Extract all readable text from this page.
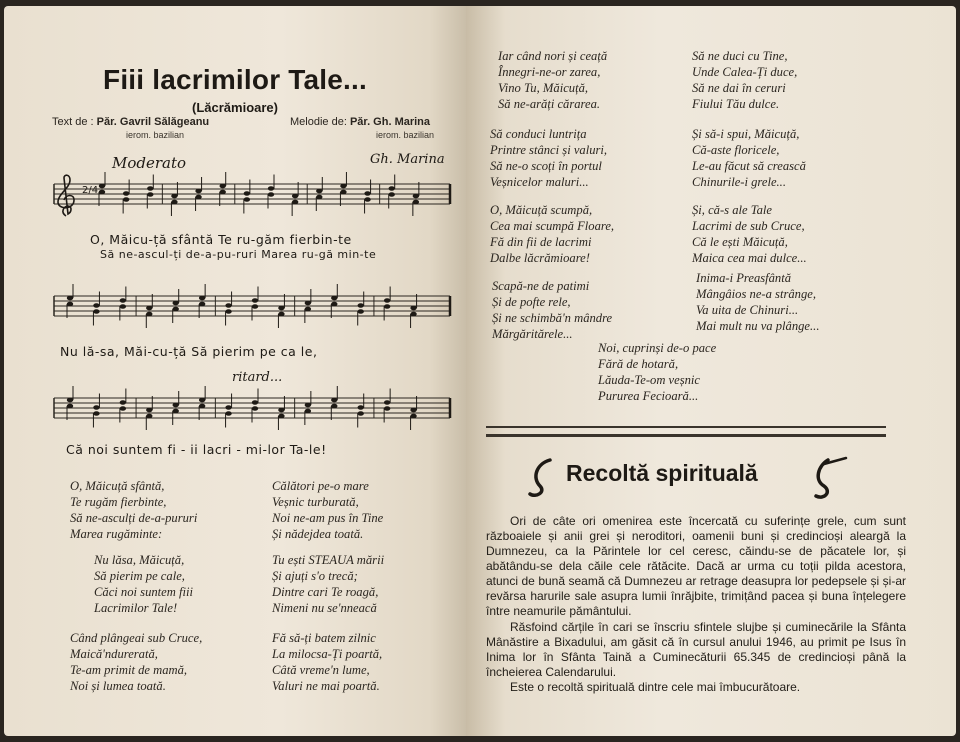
Fiii lacrimilor Tale...
(Lăcrămioare)
Text de : Păr. Gavril Sălăgeanu
ierom. bazilian
Melodie de: Păr. Gh. Marina
ierom. bazilian
Moderato	Gh. Marina
2/4
O, Măicu-ță sfântă Te ru-găm fierbin-te
Să ne-ascul-ți de-a-pu-ruri Marea ru-gă min-te
Nu lă-sa, Măi-cu-ță Să pierim pe ca le,
ritard...
Că noi suntem fi - ii lacri - mi-lor Ta-le!
O, Măicuță sfântă,
Te rugăm fierbinte,
Să ne-asculți de-a-pururi
Marea rugăminte:
Nu lăsa, Măicuță,
Să pierim pe cale,
Căci noi suntem fiii
Lacrimilor Tale!
Când plângeai sub Cruce,
Maică'ndurerată,
Te-am primit de mamă,
Noi și lumea toată.
Călători pe-o mare
Veșnic turburată,
Noi ne-am pus în Tine
Și nădejdea toată.
Tu ești STEAUA mării
Și ajuți s'o trecă;
Dintre cari Te roagă,
Nimeni nu se'nneacă
Fă să-ți batem zilnic
La milocsa-Ți poartă,
Câtă vreme'n lume,
Valuri ne mai poartă.
Iar când nori și ceață
Înnegri-ne-or zarea,
Vino Tu, Măicuță,
Să ne-arăți cărarea.
Să conduci luntrița
Printre stânci și valuri,
Să ne-o scoți în portul
Veșnicelor maluri...
O, Măicuță scumpă,
Cea mai scumpă Floare,
Fă din fii de lacrimi
Dalbe lăcrămioare!
Scapă-ne de patimi
Și de pofte rele,
Și ne schimbă'n mândre
Mărgăritărele...
Să ne duci cu Tine,
Unde Calea-Ți duce,
Să ne dai în ceruri
Fiului Tău dulce.
Și să-i spui, Măicuță,
Că-aste floricele,
Le-au făcut să crească
Chinurile-i grele...
Și, că-s ale Tale
Lacrimi de sub Cruce,
Că le ești Măicuță,
Maica cea mai dulce...
Inima-i Preasfântă
Mângâios ne-a strânge,
Va uita de Chinuri...
Mai mult nu va plânge...
Noi, cuprinși de-o pace
Fără de hotară,
Lăuda-Te-om veșnic
Pururea Fecioară...
Recoltă spirituală
Ori de câte ori omenirea este încercată cu suferințe grele, cum sunt războaiele și anii grei și neroditori, oamenii buni și credincioși aleargă la Dumnezeu, ca la Părintele lor cel ceresc, căindu-se de păcatele lor, și abătându-se dela căile cele rătăcite. Dacă ar urma cu toții pilda acestora, atunci de bună seamă că Dumnezeu ar retrage deasupra lor pedepsele și și-ar revărsa harurile sale asupra lumii înrăjbite, trimițând pacea și buna înțelegere între neamurile pământului.
Răsfoind cărțile în cari se înscriu sfintele slujbe și cuminecările la Sfânta Mânăstire a Bixadului, am găsit că în cursul anului 1946, au primit pe Isus în Inima lor în Sfânta Taină a Cuminecăturii 65.345 de credincioși până la încheierea Calendarului.
Este o recoltă spirituală dintre cele mai îmbucurătoare.
